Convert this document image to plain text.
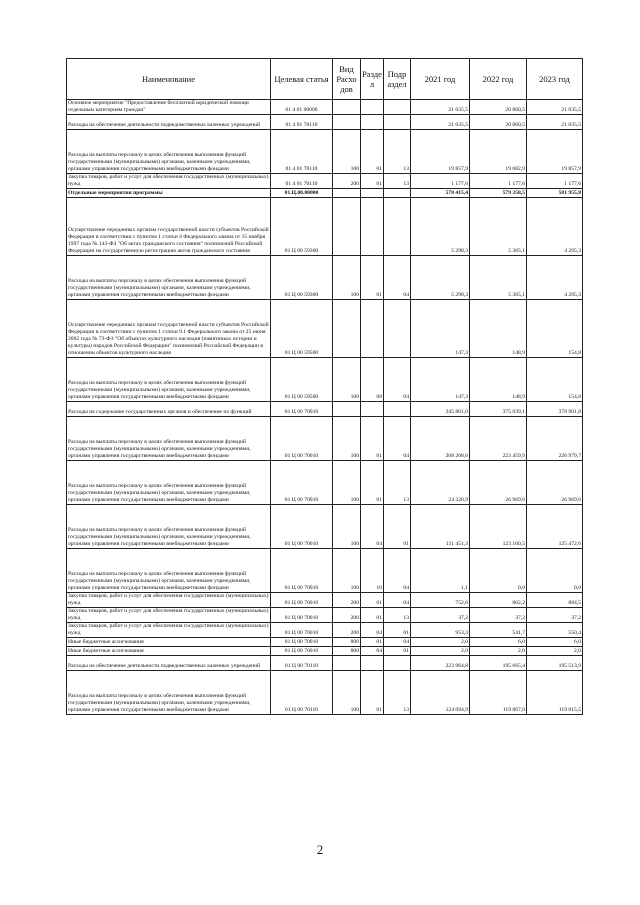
Наименование	Целевая статья	Вид Расхо дов	Разде л	Подр аздел	2021 год	2022 год	2023 год
Основное мероприятие "Предоставление бесплатной юридической помощи отдельным категориям граждан"	01 4 01 00000				21 035,5	20 860,5	21 035,5
Расходы на обеспечение деятельности подведомственных казенных учреждений	01 4 01 70110				21 035,5	20 860,5	21 035,5
Расходы на выплаты персоналу в целях обеспечения выполнения функций государственными (муниципальными) органами, казенными учреждениями, органами управления государственными внебюджетными фондами	01 4 01 70110	100	01	13	19 857,9	19 682,9	19 857,9
Закупка товаров, работ и услуг для обеспечения государственных (муниципальных) нужд	01 4 01 70110	200	01	13	1 177,6	1 177,6	1 177,6
Отдельные мероприятия программы	01.Ц.00.00000				578 415,4	579 358,5	581 955,8
Осуществление переданных органам государственной власти субъектов Российской Федерации в соответствии с пунктом 1 статьи 4 Федерального закона от 15 ноября 1997 года № 143-ФЗ "Об актах гражданского состояния" полномочий Российской Федерации на государственную регистрацию актов гражданского состояния	01 Ц 00 59300				5 298,3	5 365,1	4 295,3
Расходы на выплаты персоналу в целях обеспечения выполнения функций государственными (муниципальными) органами, казенными учреждениями, органами управления государственными внебюджетными фондами	01 Ц 00 59300	100	01	04	5 298,3	5 365,1	4 295,3
Осуществление переданных органам государственной власти субъектов Российской Федерации в соответствии с пунктом 1 статьи 9.1 Федерального закона от 25 июня 2002 года № 73-ФЗ "Об объектах культурного наследия (памятниках истории и культуры) народов Российской Федерации" полномочий Российской Федерации в отношении объектов культурного наследия	01 Ц 00 59500				147,3	148,9	154,8
Расходы на выплаты персоналу в целях обеспечения выполнения функций государственными (муниципальными) органами, казенными учреждениями, органами управления государственными внебюджетными фондами	01 Ц 00 59500	100	08	04	147,3	148,9	154,8
Расходы на содержание государственных органов и обеспечение их функций	01 Ц 00 70010				345 801,0	375 039,1	378 901,8
Расходы на выплаты персоналу в целях обеспечения выполнения функций государственными (муниципальными) органами, казенными учреждениями, органами управления государственными внебюджетными фондами	01 Ц 00 70010	100	01	04	208 268,6	223 459,9	226 979,7
Расходы на выплаты персоналу в целях обеспечения выполнения функций государственными (муниципальными) органами, казенными учреждениями, органами управления государственными внебюджетными фондами	01 Ц 00 70010	100	01	13	24 328,9	26 969,6	26 969,6
Расходы на выплаты персоналу в целях обеспечения выполнения функций государственными (муниципальными) органами, казенными учреждениями, органами управления государственными внебюджетными фондами	01 Ц 00 70010	100	04	01	111 451,3	123 160,5	125 472,6
Расходы на выплаты персоналу в целях обеспечения выполнения функций государственными (муниципальными) органами, казенными учреждениями, органами управления государственными внебюджетными фондами	01 Ц 00 70010	100	10	04	1,1	0,0	0,0
Закупка товаров, работ и услуг для обеспечения государственных (муниципальных) нужд	01 Ц 00 70010	200	01	04	752,6	862,2	884,5
Закупка товаров, работ и услуг для обеспечения государственных (муниципальных) нужд	01 Ц 00 70010	200	01	13	37,2	37,2	37,2
Закупка товаров, работ и услуг для обеспечения государственных (муниципальных) нужд	01 Ц 00 70010	200	04	01	953,3	541,7	550,4
Иные бюджетные ассигнования	01 Ц 00 70010	800	01	04	2,0	6,0	6,0
Иные бюджетные ассигнования	01 Ц 00 70010	800	04	01	2,0	2,0	2,0
Расходы на обеспечение деятельности подведомственных казенных учреждений	01 Ц 00 70110				223 964,8	195 665,4	195 513,9
Расходы на выплаты персоналу в целях обеспечения выполнения функций государственными (муниципальными) органами, казенными учреждениями, органами управления государственными внебюджетными фондами	01 Ц 00 70110	100	01	13	124 094,9	119 867,0	119 815,5
2
